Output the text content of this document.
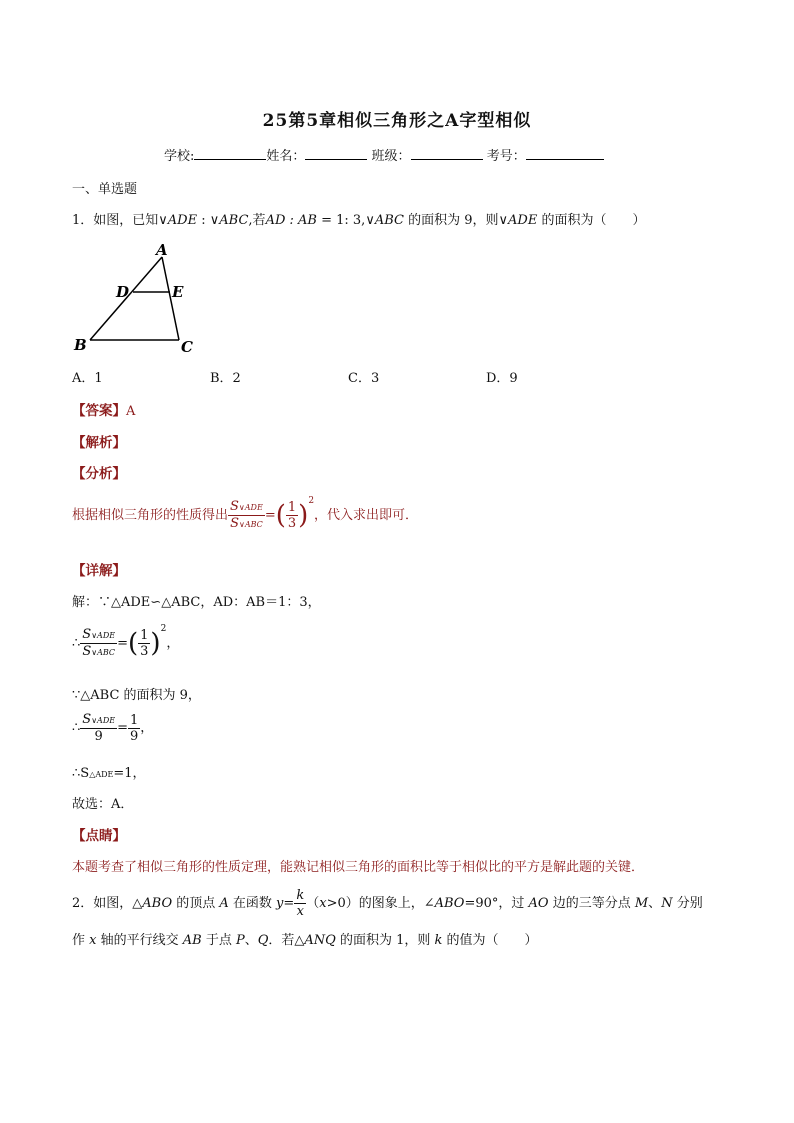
25第5章相似三角形之A字型相似
学校:	姓名：	班级：	考号：
一、单选题
1．如图，已知∨ADE : ∨ABC,若AD : AB = 1: 3,∨ABC 的面积为 9，则∨ADE 的面积为（　　）
A
D	E
B	C
A．1	B．2	C．3	D．9
【答案】A
【解析】
【分析】
根据相似三角形的性质得出 $\frac{\text{S∨ADE}}{\text{S∨ABC}}$ =( $\frac{1}{3} )^2$，代入求出即可．
【详解】
解：∵△ADE∽△ABC，AD：AB＝1：3，
∴ $\frac{\text{S∨ADE}}{\text{S∨ABC}}$ =( $\frac{1}{3} )^2$，
∵△ABC 的面积为 9，
∴ $\frac{\text{S∨ADE}}{9} = \frac{1}{9}$ ，
∴S△ADE=1，
故选：A．
【点睛】
本题考查了相似三角形的性质定理，能熟记相似三角形的面积比等于相似比的平方是解此题的关键．
2．如图，△ABO 的顶点 A 在函数 $y= \frac{k}{x} (x>0)$的图象上，∠ABO=90°，过 AO 边的三等分点 M、N 分别
作 x 轴的平行线交 AB 于点 P、Q．若△ANQ 的面积为 1，则 k 的值为（　　）
